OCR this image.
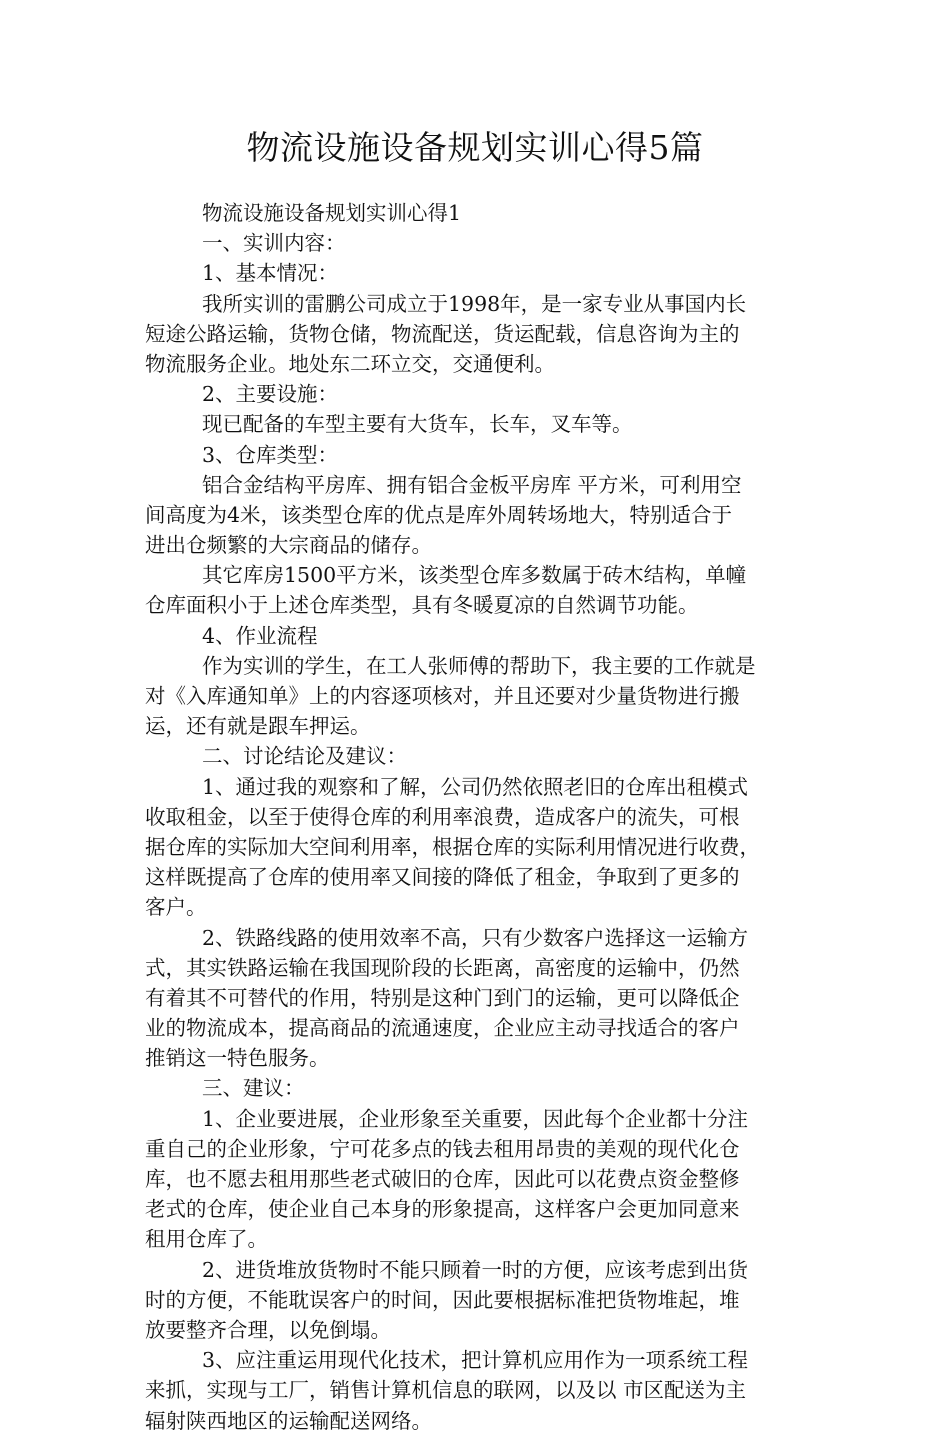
物流设施设备规划实训心得5篇
物流设施设备规划实训心得1
一、实训内容：
1、基本情况：
我所实训的雷鹏公司成立于1998年，是一家专业从事国内长
短途公路运输，货物仓储，物流配送，货运配载，信息咨询为主的
物流服务企业。地处东二环立交，交通便利。
2、主要设施：
现已配备的车型主要有大货车，长车，叉车等。
3、仓库类型：
铝合金结构平房库、拥有铝合金板平房库 平方米，可利用空
间高度为4米，该类型仓库的优点是库外周转场地大，特别适合于
进出仓频繁的大宗商品的储存。
其它库房1500平方米，该类型仓库多数属于砖木结构，单幢
仓库面积小于上述仓库类型，具有冬暖夏凉的自然调节功能。
4、作业流程
作为实训的学生，在工人张师傅的帮助下，我主要的工作就是
对《入库通知单》上的内容逐项核对，并且还要对少量货物进行搬
运，还有就是跟车押运。
二、讨论结论及建议：
1、通过我的观察和了解，公司仍然依照老旧的仓库出租模式
收取租金，以至于使得仓库的利用率浪费，造成客户的流失，可根
据仓库的实际加大空间利用率，根据仓库的实际利用情况进行收费，
这样既提高了仓库的使用率又间接的降低了租金，争取到了更多的
客户。
2、铁路线路的使用效率不高，只有少数客户选择这一运输方
式，其实铁路运输在我国现阶段的长距离，高密度的运输中，仍然
有着其不可替代的作用，特别是这种门到门的运输，更可以降低企
业的物流成本，提高商品的流通速度，企业应主动寻找适合的客户
推销这一特色服务。
三、建议：
1、企业要进展，企业形象至关重要，因此每个企业都十分注
重自己的企业形象，宁可花多点的钱去租用昂贵的美观的现代化仓
库，也不愿去租用那些老式破旧的仓库，因此可以花费点资金整修
老式的仓库，使企业自己本身的形象提高，这样客户会更加同意来
租用仓库了。
2、进货堆放货物时不能只顾着一时的方便，应该考虑到出货
时的方便，不能耽误客户的时间，因此要根据标准把货物堆起，堆
放要整齐合理，以免倒塌。
3、应注重运用现代化技术，把计算机应用作为一项系统工程
来抓，实现与工厂，销售计算机信息的联网，以及以 市区配送为主
辐射陕西地区的运输配送网络。
